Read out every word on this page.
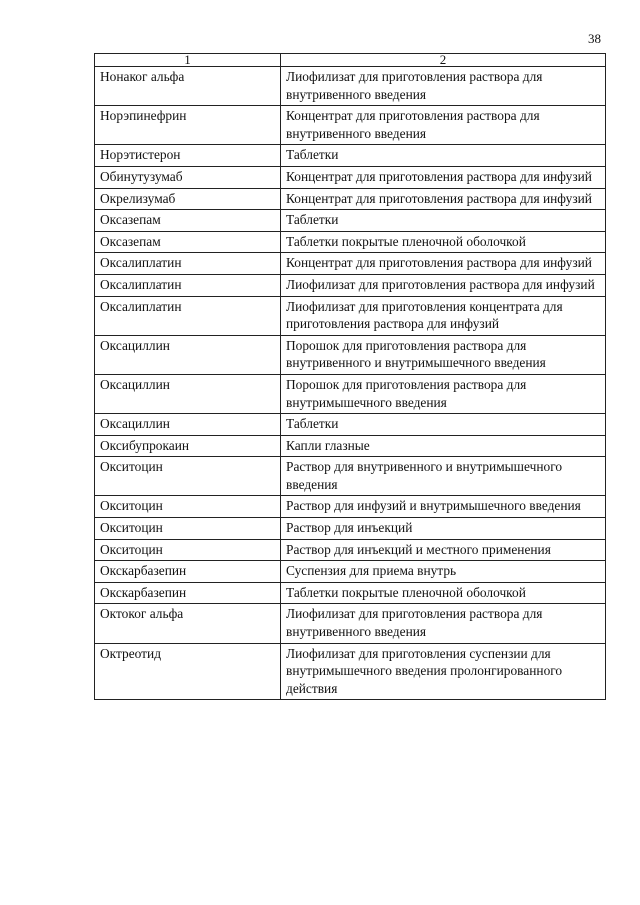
38
1	2
Нонаког альфа	Лиофилизат для приготовления раствора для внутривенного введения

Норэпинефрин	Концентрат для приготовления раствора для внутривенного введения

Норэтистерон	Таблетки

Обинутузумаб	Концентрат для приготовления раствора для инфузий

Окрелизумаб	Концентрат для приготовления раствора для инфузий

Оксазепам	Таблетки

Оксазепам	Таблетки покрытые пленочной оболочкой

Оксалиплатин	Концентрат для приготовления раствора для инфузий

Оксалиплатин	Лиофилизат для приготовления раствора для инфузий

Оксалиплатин	Лиофилизат для приготовления концентрата для приготовления раствора для инфузий

Оксациллин	Порошок для приготовления раствора для внутривенного и внутримышечного введения

Оксациллин	Порошок для приготовления раствора для внутримышечного введения

Оксациллин	Таблетки

Оксибупрокаин	Капли глазные

Окситоцин	Раствор для внутривенного и внутримышечного введения

Окситоцин	Раствор для инфузий и внутримышечного введения

Окситоцин	Раствор для инъекций

Окситоцин	Раствор для инъекций и местного применения

Окскарбазепин	Суспензия для приема внутрь

Окскарбазепин	Таблетки покрытые пленочной оболочкой

Октоког альфа	Лиофилизат для приготовления раствора для внутривенного введения

Октреотид	Лиофилизат для приготовления суспензии для внутримышечного введения пролонгированного действия
